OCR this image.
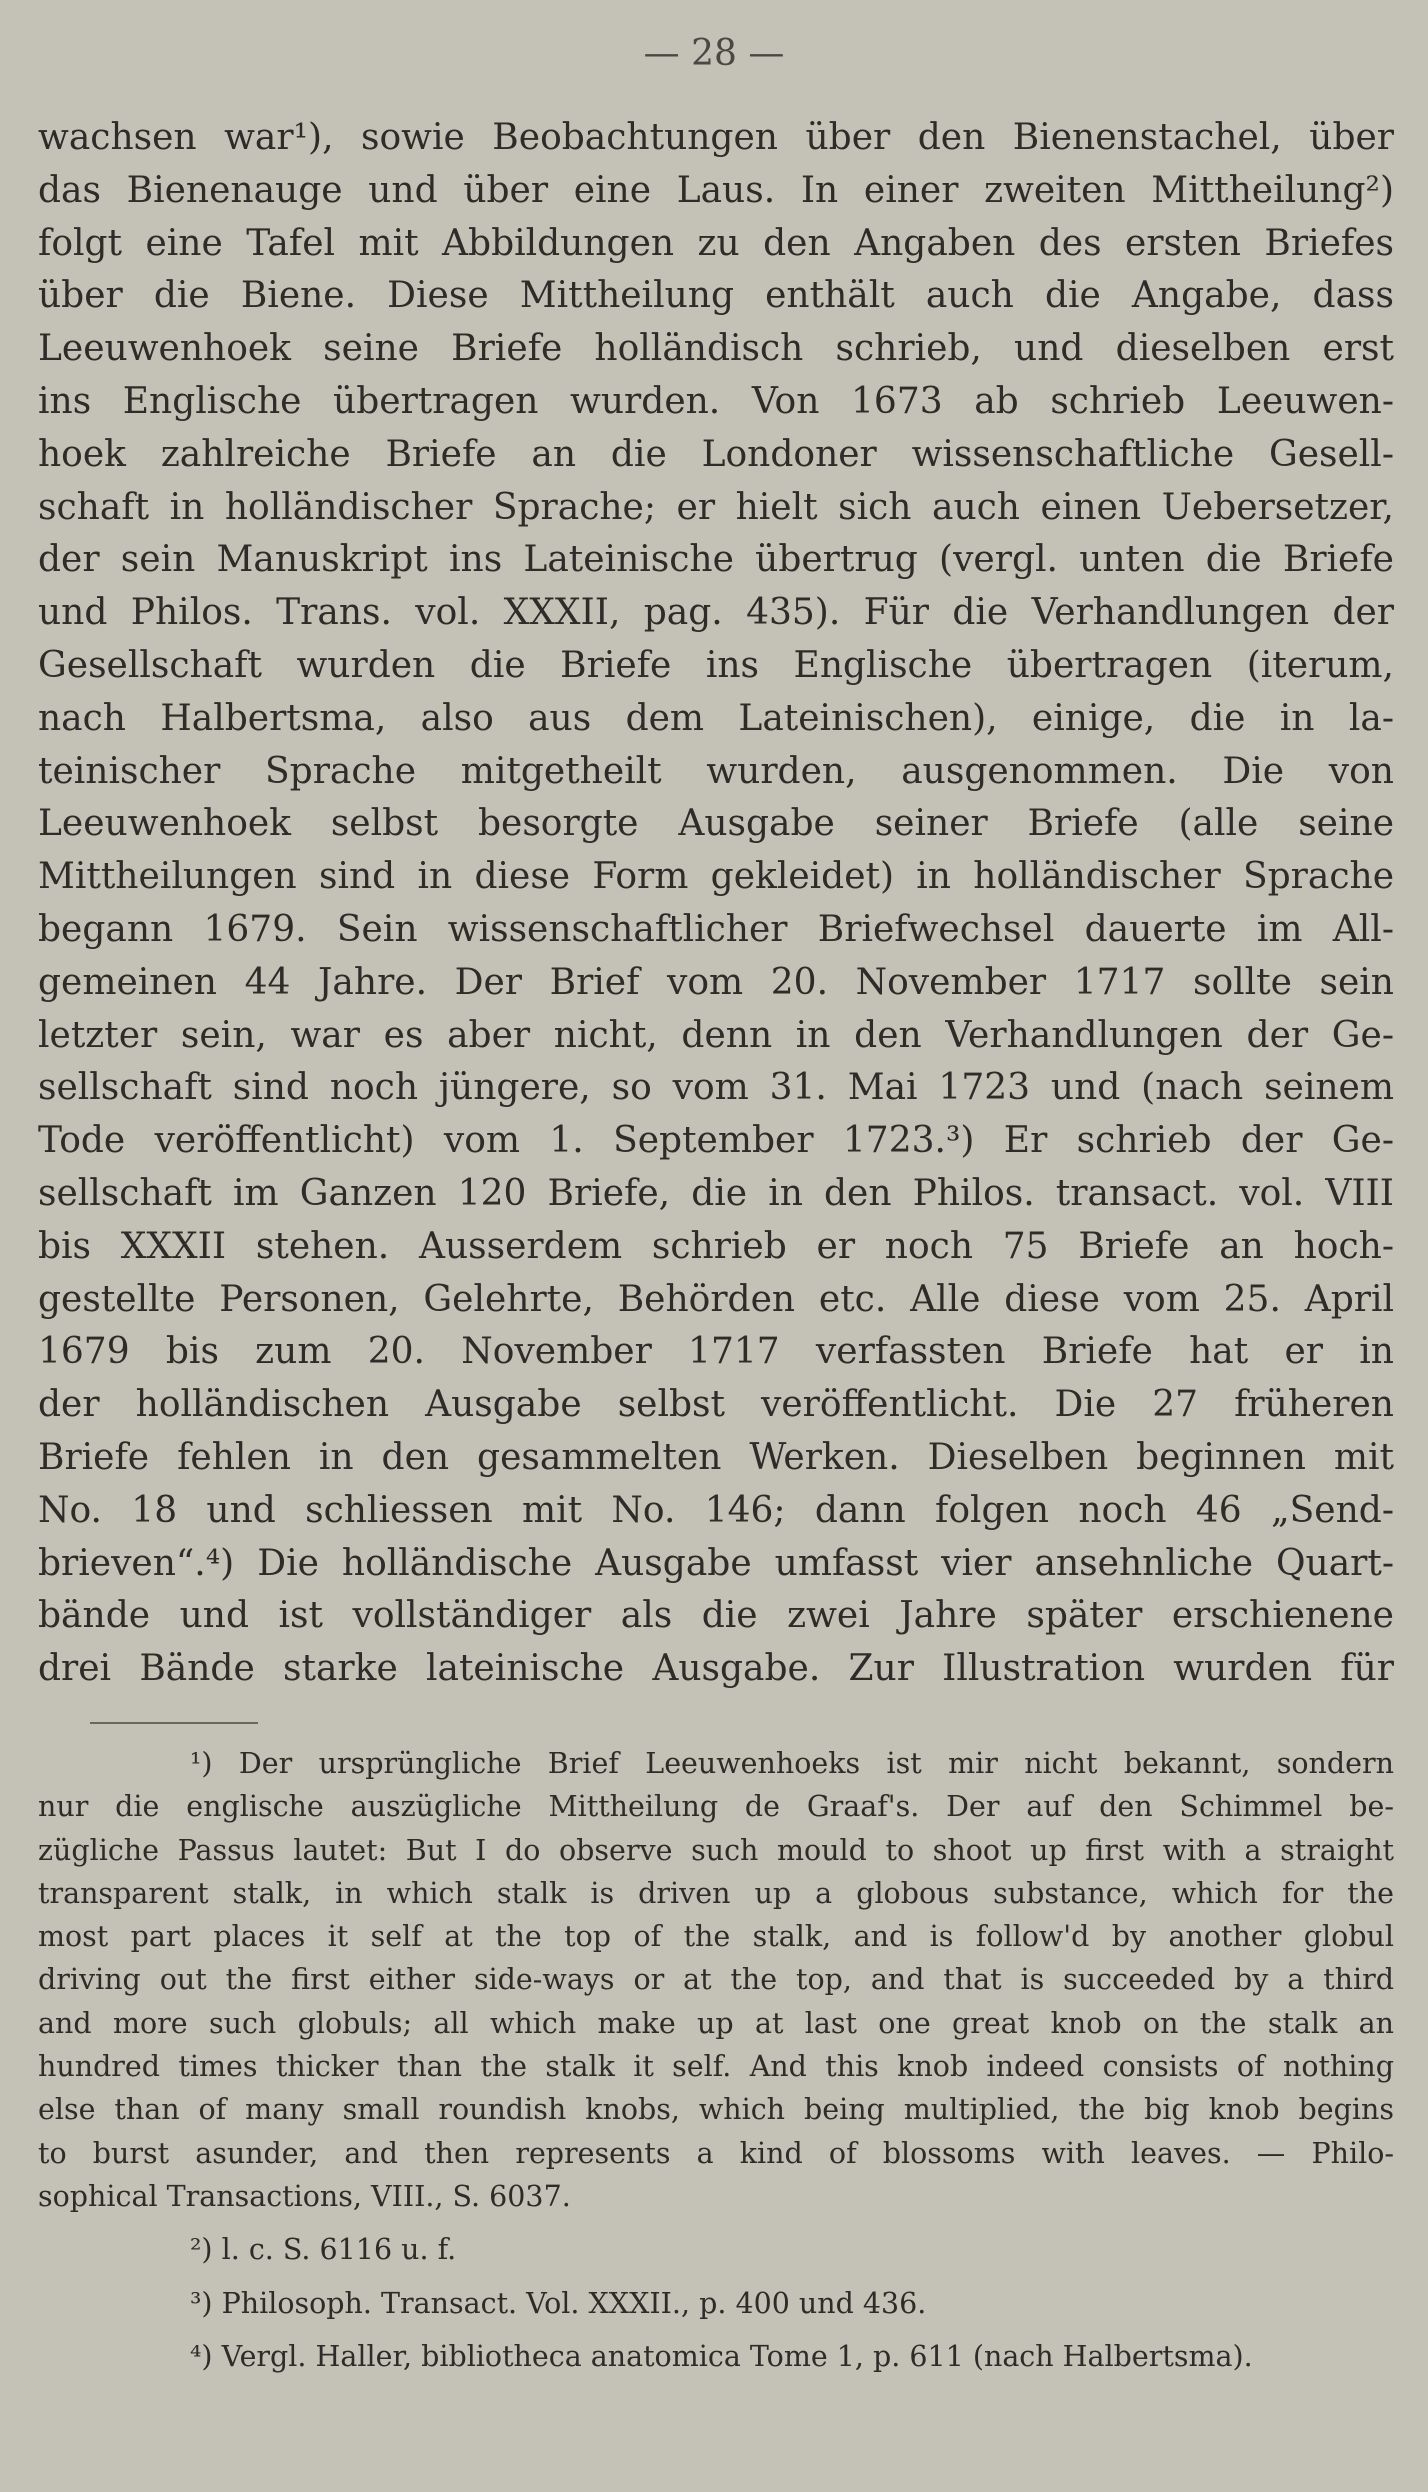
— 28 —
wachsen war¹), sowie Beobachtungen über den Bienenstachel, über
das Bienenauge und über eine Laus. In einer zweiten Mittheilung²)
folgt eine Tafel mit Abbildungen zu den Angaben des ersten Briefes
über die Biene. Diese Mittheilung enthält auch die Angabe, dass
Leeuwenhoek seine Briefe holländisch schrieb, und dieselben erst
ins Englische übertragen wurden. Von 1673 ab schrieb Leeuwen-
hoek zahlreiche Briefe an die Londoner wissenschaftliche Gesell-
schaft in holländischer Sprache; er hielt sich auch einen Uebersetzer,
der sein Manuskript ins Lateinische übertrug (vergl. unten die Briefe
und Philos. Trans. vol. XXXII, pag. 435). Für die Verhandlungen der
Gesellschaft wurden die Briefe ins Englische übertragen (iterum,
nach Halbertsma, also aus dem Lateinischen), einige, die in la-
teinischer Sprache mitgetheilt wurden, ausgenommen. Die von
Leeuwenhoek selbst besorgte Ausgabe seiner Briefe (alle seine
Mittheilungen sind in diese Form gekleidet) in holländischer Sprache
begann 1679. Sein wissenschaftlicher Briefwechsel dauerte im All-
gemeinen 44 Jahre. Der Brief vom 20. November 1717 sollte sein
letzter sein, war es aber nicht, denn in den Verhandlungen der Ge-
sellschaft sind noch jüngere, so vom 31. Mai 1723 und (nach seinem
Tode veröffentlicht) vom 1. September 1723.³) Er schrieb der Ge-
sellschaft im Ganzen 120 Briefe, die in den Philos. transact. vol. VIII
bis XXXII stehen. Ausserdem schrieb er noch 75 Briefe an hoch-
gestellte Personen, Gelehrte, Behörden etc. Alle diese vom 25. April
1679 bis zum 20. November 1717 verfassten Briefe hat er in
der holländischen Ausgabe selbst veröffentlicht. Die 27 früheren
Briefe fehlen in den gesammelten Werken. Dieselben beginnen mit
No. 18 und schliessen mit No. 146; dann folgen noch 46 „Send-
brieven“.⁴) Die holländische Ausgabe umfasst vier ansehnliche Quart-
bände und ist vollständiger als die zwei Jahre später erschienene
drei Bände starke lateinische Ausgabe. Zur Illustration wurden für
¹) Der ursprüngliche Brief Leeuwenhoeks ist mir nicht bekannt, sondern
nur die englische auszügliche Mittheilung de Graaf's. Der auf den Schimmel be-
zügliche Passus lautet: But I do observe such mould to shoot up first with a straight
transparent stalk, in which stalk is driven up a globous substance, which for the
most part places it self at the top of the stalk, and is follow'd by another globul
driving out the first either side-ways or at the top, and that is succeeded by a third
and more such globuls; all which make up at last one great knob on the stalk an
hundred times thicker than the stalk it self. And this knob indeed consists of nothing
else than of many small roundish knobs, which being multiplied, the big knob begins
to burst asunder, and then represents a kind of blossoms with leaves. — Philo-
sophical Transactions, VIII., S. 6037.
²) l. c. S. 6116 u. f.
³) Philosoph. Transact. Vol. XXXII., p. 400 und 436.
⁴) Vergl. Haller, bibliotheca anatomica Tome 1, p. 611 (nach Halbertsma).
